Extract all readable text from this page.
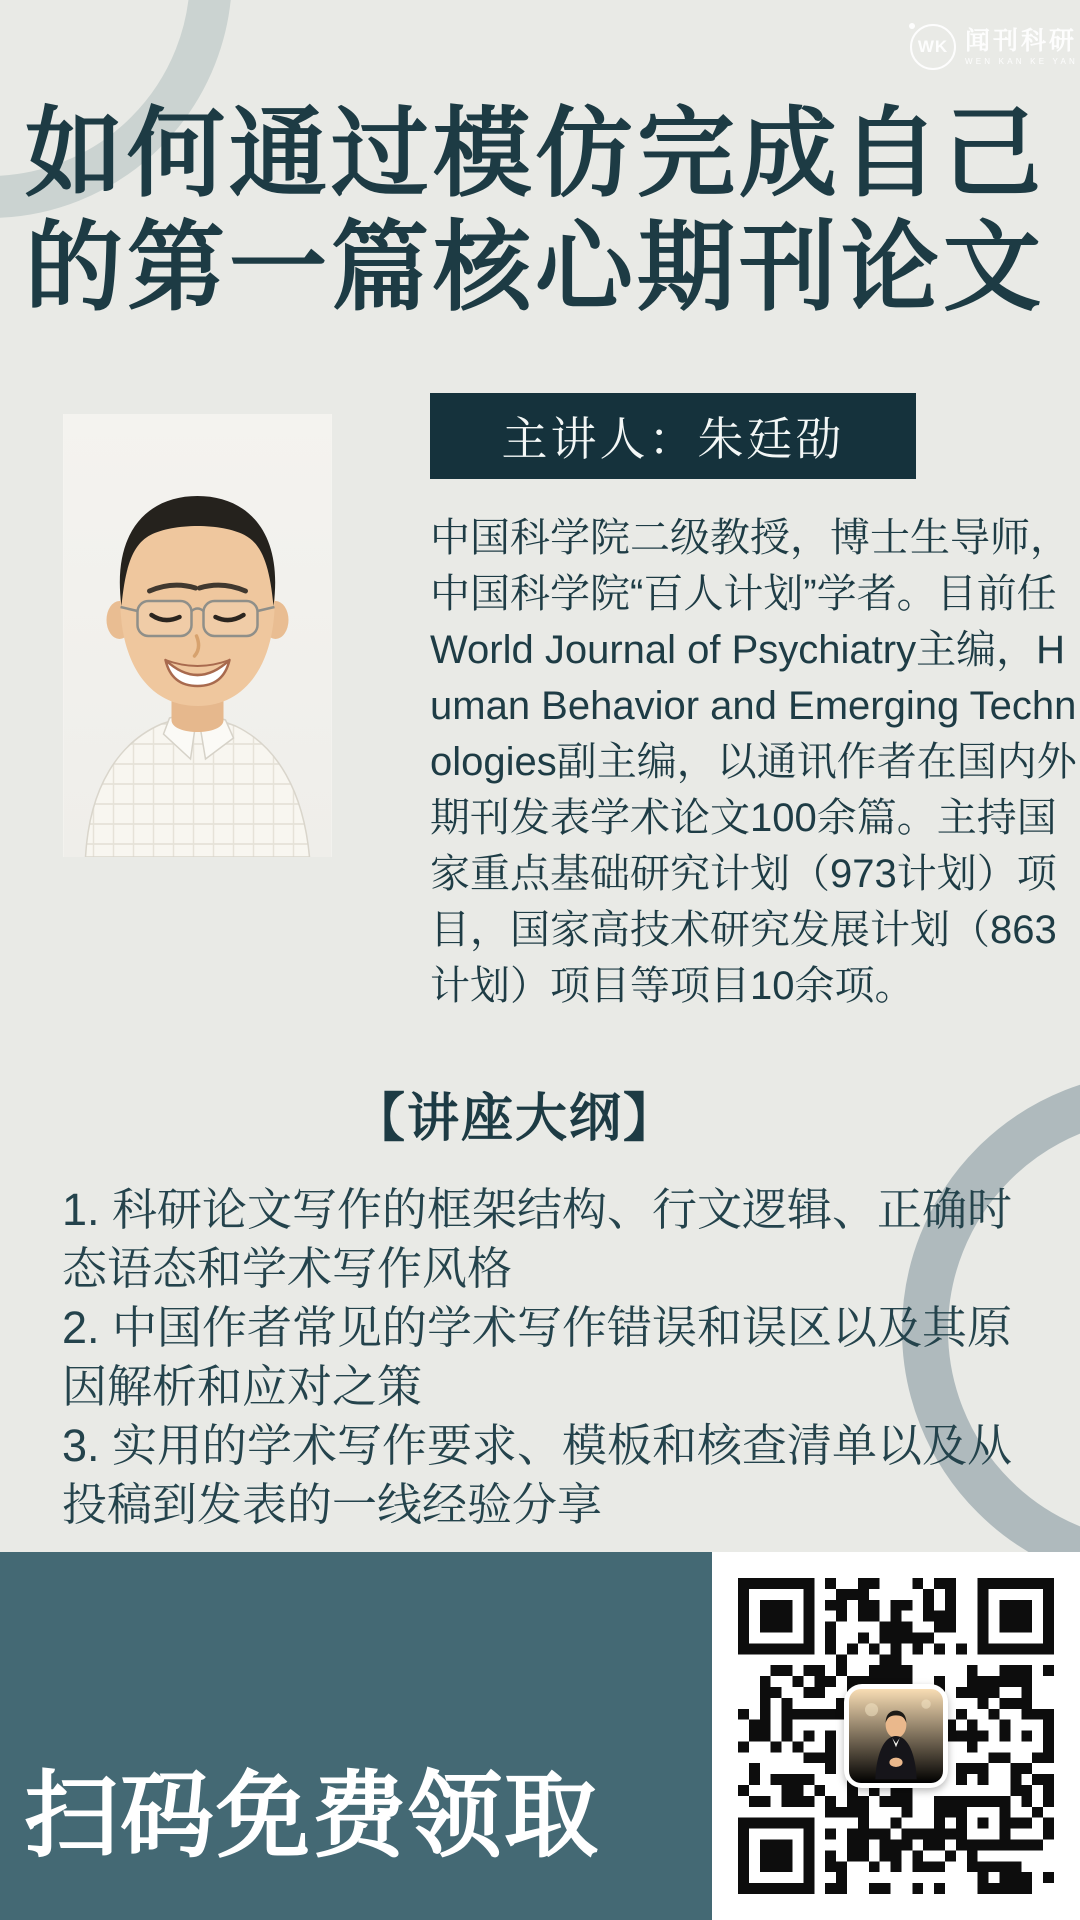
WK 闻刊科研
WEN KAN KE YAN
如何通过模仿完成自己
的第一篇核心期刊论文
主讲人：朱廷劭
中国科学院二级教授，博士生导师，中国科学院“百人计划”学者。目前任World Journal of Psychiatry主编，Human Behavior and Emerging Technologies副主编，以通讯作者在国内外期刊发表学术论文100余篇。主持国家重点基础研究计划（973计划）项目，国家高技术研究发展计划（863计划）项目等项目10余项。
【讲座大纲】
1. 科研论文写作的框架结构、行文逻辑、正确时态语态和学术写作风格
2. 中国作者常见的学术写作错误和误区以及其原因解析和应对之策
3. 实用的学术写作要求、模板和核查清单以及从投稿到发表的一线经验分享
扫码免费领取
